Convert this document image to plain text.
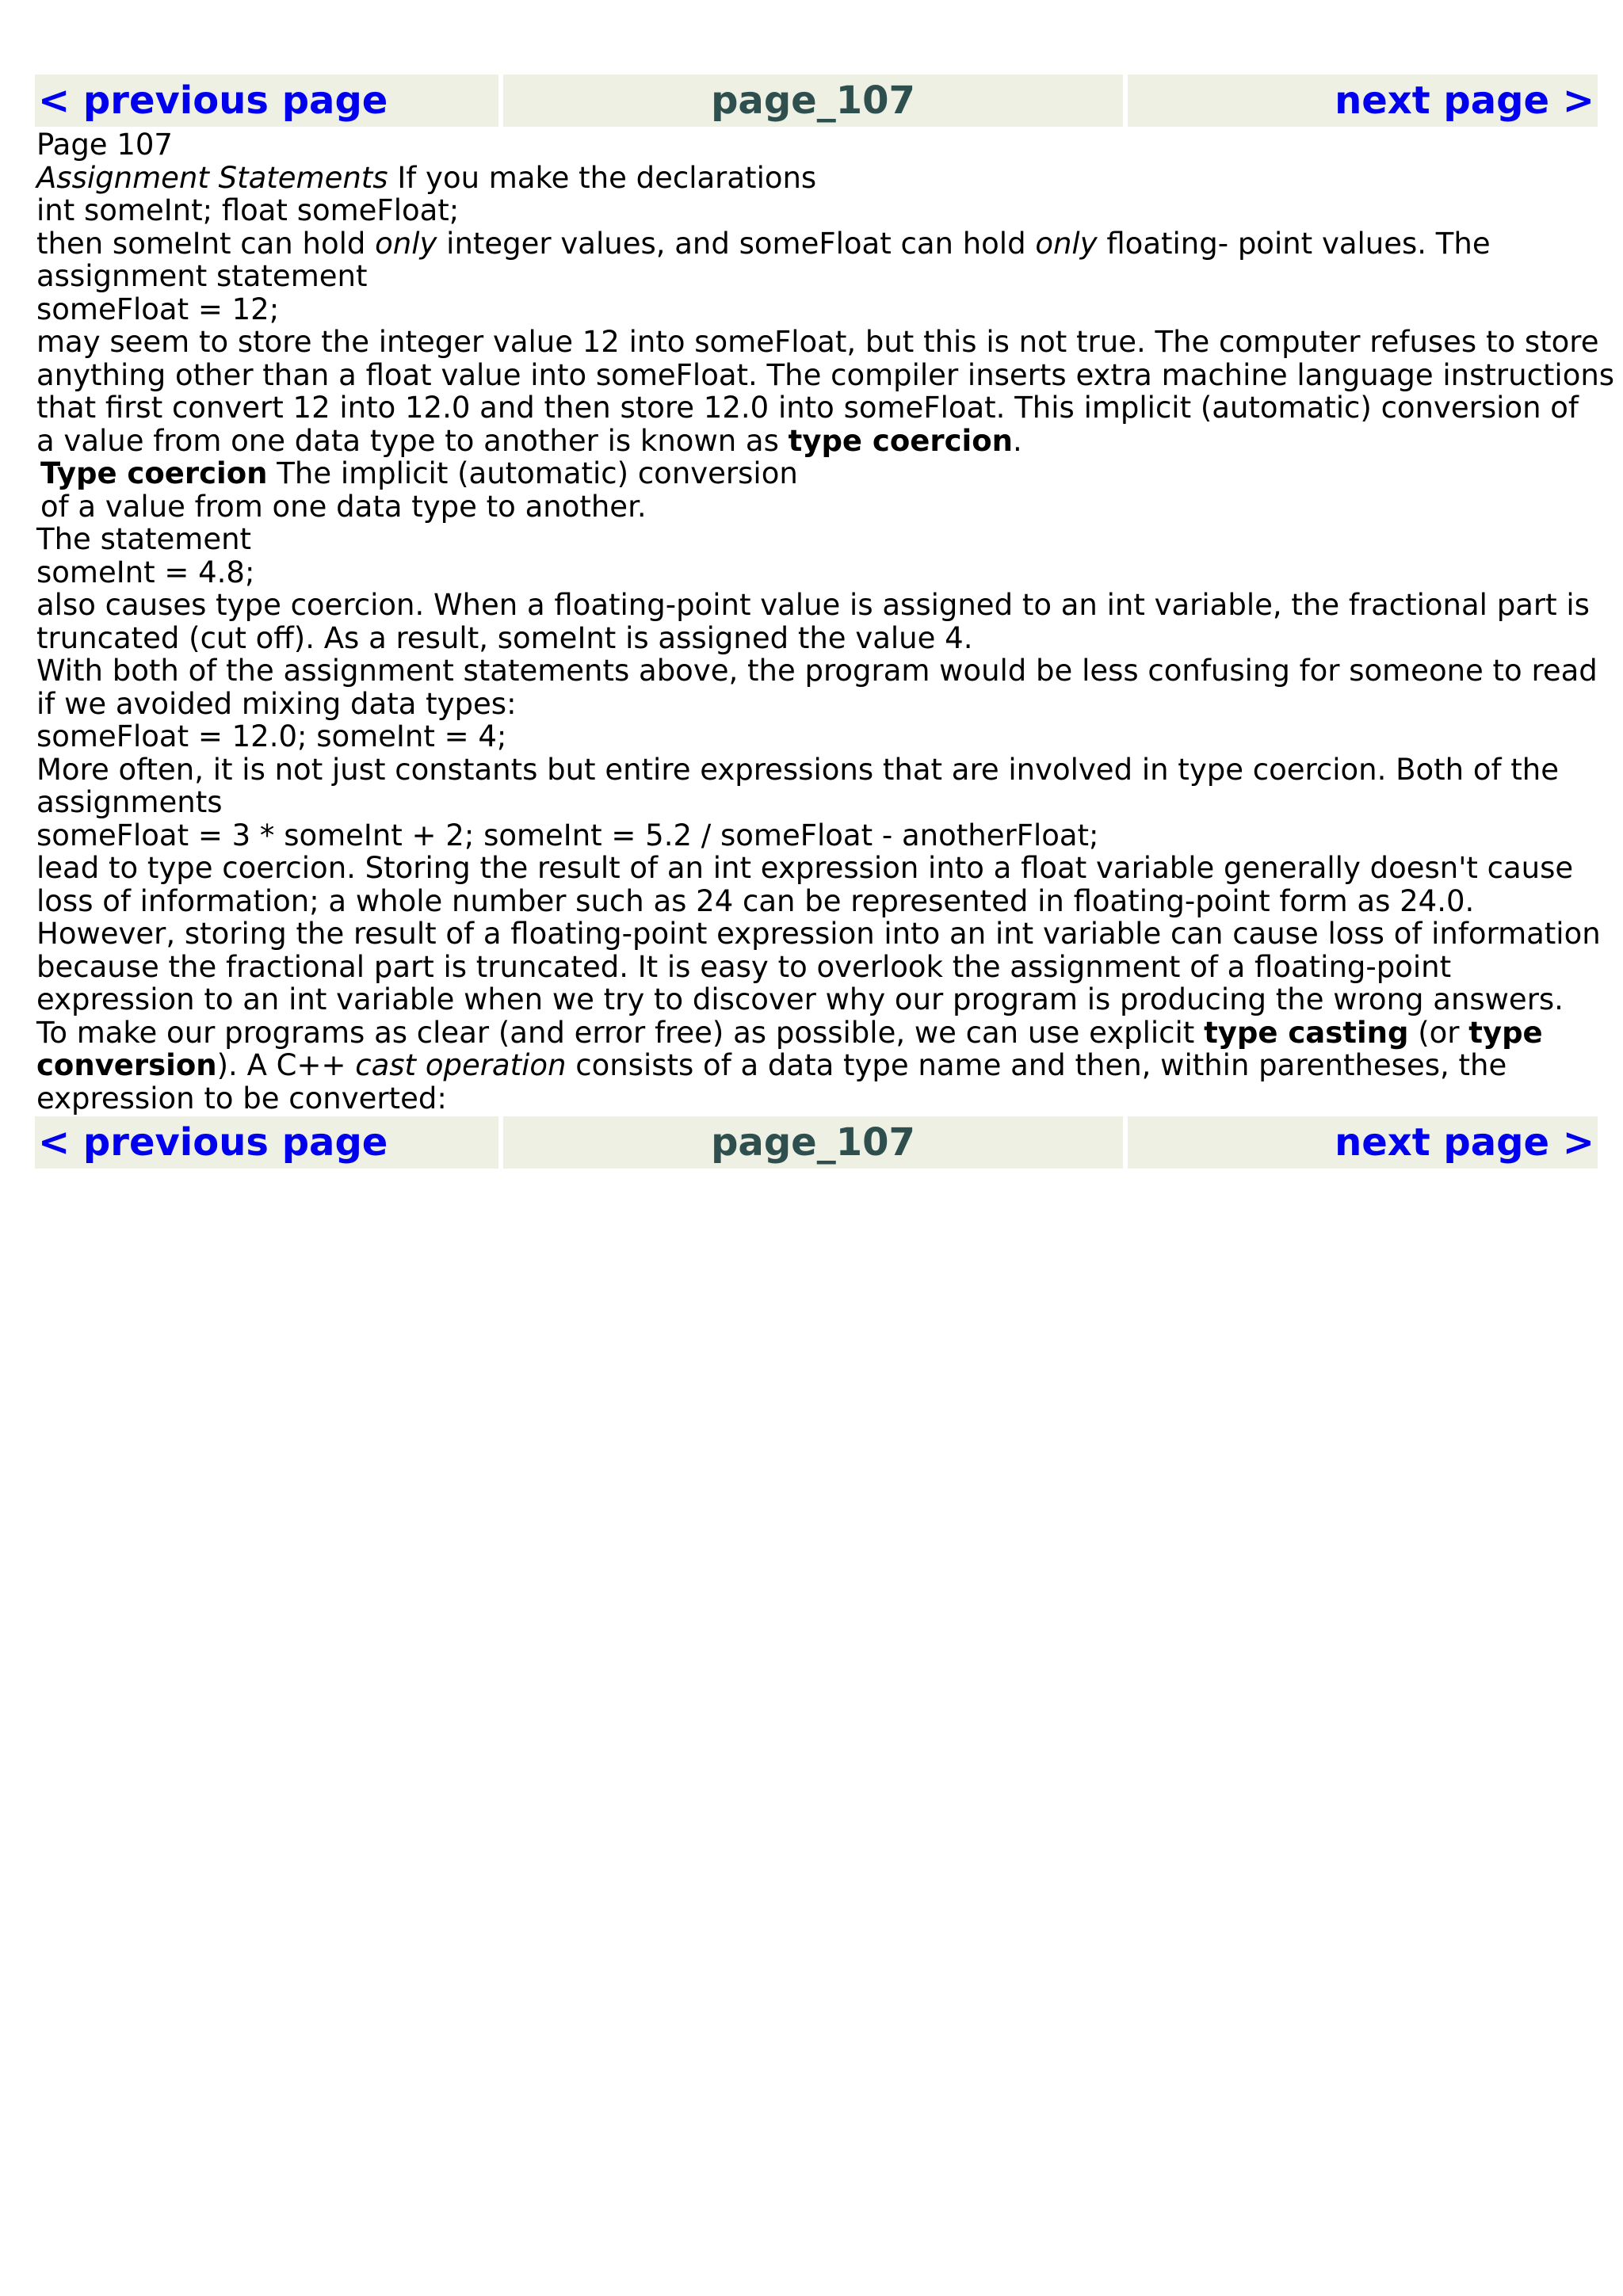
< previous page	page_107	next page >
Page 107
Assignment Statements If you make the declarations
int someInt; float someFloat;
then someInt can hold only integer values, and someFloat can hold only floating- point values. The
assignment statement
someFloat = 12;
may seem to store the integer value 12 into someFloat, but this is not true. The computer refuses to store
anything other than a float value into someFloat. The compiler inserts extra machine language instructions
that first convert 12 into 12.0 and then store 12.0 into someFloat. This implicit (automatic) conversion of
a value from one data type to another is known as type coercion.
Type coercion The implicit (automatic) conversion
of a value from one data type to another.
The statement
someInt = 4.8;
also causes type coercion. When a floating-point value is assigned to an int variable, the fractional part is
truncated (cut off). As a result, someInt is assigned the value 4.
With both of the assignment statements above, the program would be less confusing for someone to read
if we avoided mixing data types:
someFloat = 12.0; someInt = 4;
More often, it is not just constants but entire expressions that are involved in type coercion. Both of the
assignments
someFloat = 3 * someInt + 2; someInt = 5.2 / someFloat - anotherFloat;
lead to type coercion. Storing the result of an int expression into a float variable generally doesn't cause
loss of information; a whole number such as 24 can be represented in floating-point form as 24.0.
However, storing the result of a floating-point expression into an int variable can cause loss of information
because the fractional part is truncated. It is easy to overlook the assignment of a floating-point
expression to an int variable when we try to discover why our program is producing the wrong answers.
To make our programs as clear (and error free) as possible, we can use explicit type casting (or type
conversion). A C++ cast operation consists of a data type name and then, within parentheses, the
expression to be converted:
< previous page	page_107	next page >
